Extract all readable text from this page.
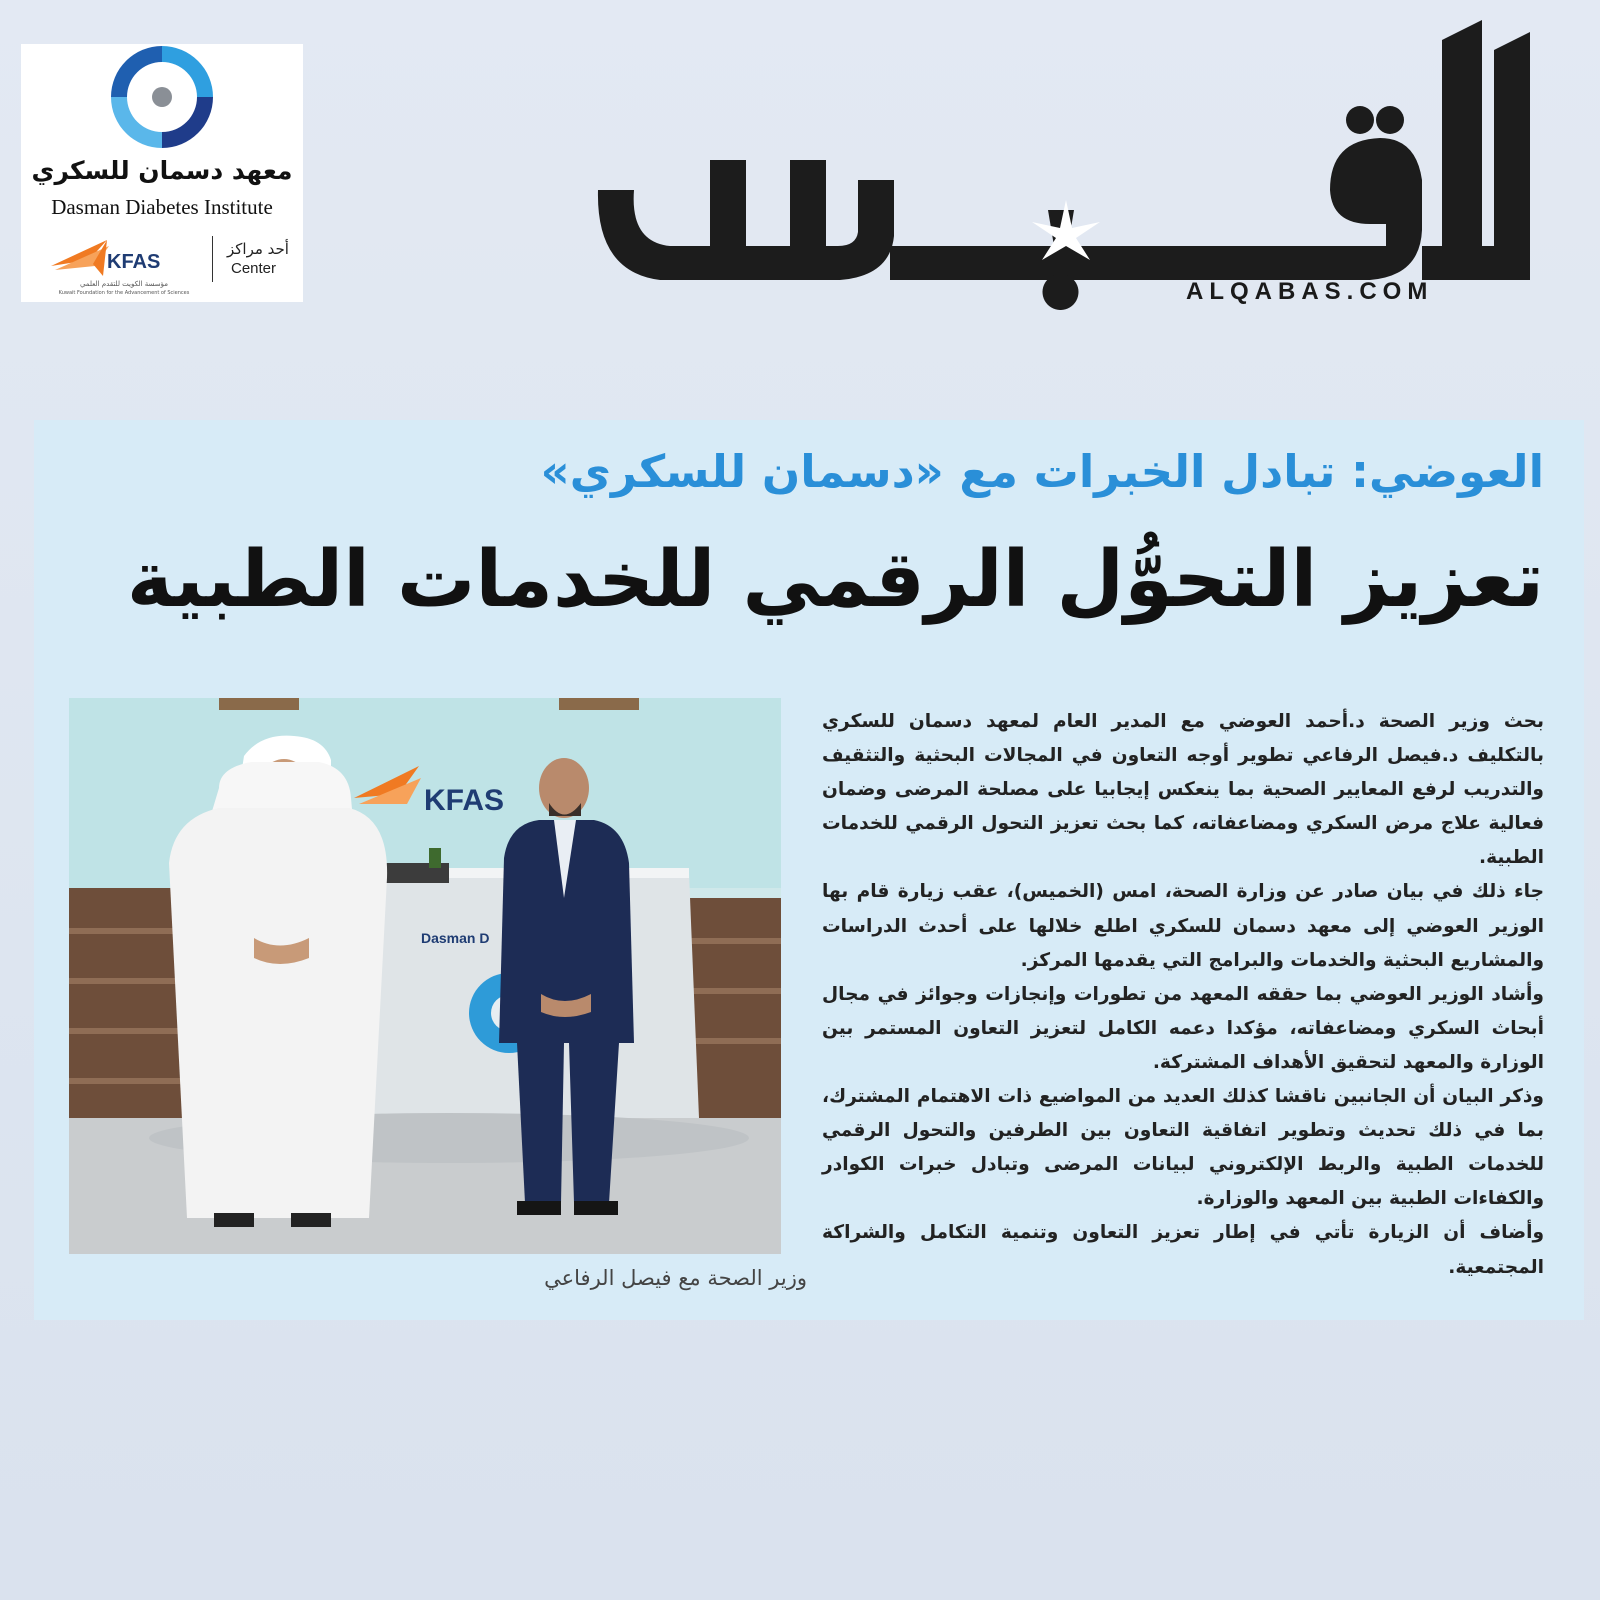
معهد دسمان للسكري
Dasman Diabetes Institute
KFAS
مؤسسة الكويت للتقدم العلمي
Kuwait Foundation for the Advancement of Sciences
أحد مراكز
Center
ALQABAS.COM
العوضي: تبادل الخبرات مع «دسمان للسكري»
تعزيز التحوُّل الرقمي للخدمات الطبية
KFAS
Dasman D
وزير الصحة مع فيصل الرفاعي

بحث وزير الصحة د.أحمد العوضي مع المدير العام لمعهد دسمان للسكري بالتكليف د.فيصل الرفاعي تطوير أوجه التعاون في المجالات البحثية والتثقيف والتدريب لرفع المعايير الصحية بما ينعكس إيجابيا على مصلحة المرضى وضمان فعالية علاج مرض السكري ومضاعفاته، كما بحث تعزيز التحول الرقمي للخدمات الطبية.

جاء ذلك في بيان صادر عن وزارة الصحة، امس (الخميس)، عقب زيارة قام بها الوزير العوضي إلى معهد دسمان للسكري اطلع خلالها على أحدث الدراسات والمشاريع البحثية والخدمات والبرامج التي يقدمها المركز.

وأشاد الوزير العوضي بما حققه المعهد من تطورات وإنجازات وجوائز في مجال أبحاث السكري ومضاعفاته، مؤكدا دعمه الكامل لتعزيز التعاون المستمر بين الوزارة والمعهد لتحقيق الأهداف المشتركة.

وذكر البيان أن الجانبين ناقشا كذلك العديد من المواضيع ذات الاهتمام المشترك، بما في ذلك تحديث وتطوير اتفاقية التعاون بين الطرفين والتحول الرقمي للخدمات الطبية والربط الإلكتروني لبيانات المرضى وتبادل خبرات الكوادر والكفاءات الطبية بين المعهد والوزارة.

وأضاف أن الزيارة تأتي في إطار تعزيز التعاون وتنمية التكامل والشراكة المجتمعية.
